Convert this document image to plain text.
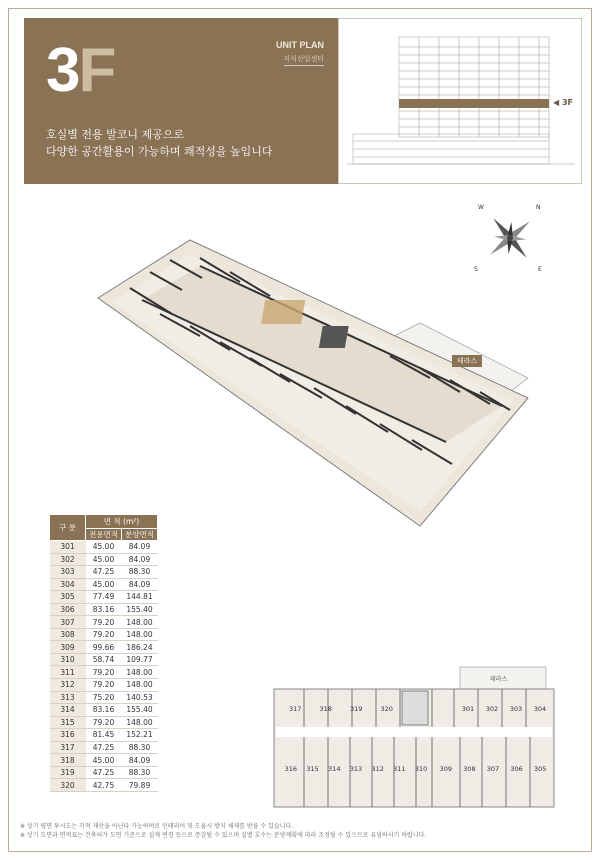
3F	UNIT PLAN
지식산업센터
호실별 전용 발코니 제공으로
다양한 공간활용이 가능하며 쾌적성을 높입니다
◀ 3F
N
E
S
W
테라스
구 분	면 적 (m²)	
	전용면적	분양면적
301	45.00	84.09
302	45.00	84.09
303	47.25	88.30
304	45.00	84.09
305	77.49	144.81
306	83.16	155.40
307	79.20	148.00
308	79.20	148.00
309	99.66	186.24
310	58.74	109.77
311	79.20	148.00
312	79.20	148.00
313	75.20	140.53
314	83.16	155.40
315	79.20	148.00
316	81.45	152.21
317	47.25	88.30
318	45.00	84.09
319	47.25	88.30
320	42.75	79.89
테라스
317	318	319	320	301 302 303 304
316 315 314 313 312 311 310 309 308 307 306 305
※ 상기 평면 투시도는 각적 재산을 아닌다 가능하며로 인테리어 및 도움시 방지 체제를 받을 수 있습니다.
※ 상기 도면과 면적표는 건축허가 도면 기준으로 설계 변경 등으로 증감될 수 있으며 실별 호수는 분양계획에 따라 조정될 수 있으므로 유념하시기 바랍니다.
